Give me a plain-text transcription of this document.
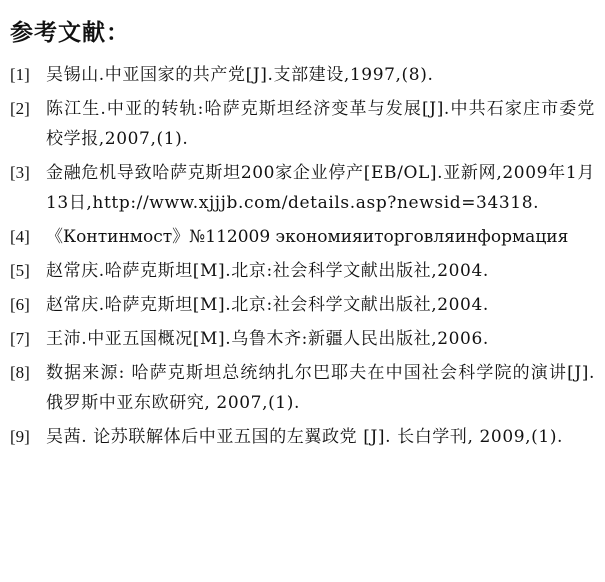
参考文献：
[1] 吴锡山.中亚国家的共产党[J].支部建设,1997,(8).
[2] 陈江生.中亚的转轨:哈萨克斯坦经济变革与发展[J].中共石家庄市委党校学报,2007,(1).
[3] 金融危机导致哈萨克斯坦200家企业停产[EB/OL].亚新网,2009年1月13日,http://www.xjjjb.com/details.asp?newsid=34318.
[4] 《Континмост》№112009 экономияиторговляинформация
[5] 赵常庆.哈萨克斯坦[M].北京:社会科学文献出版社,2004.
[6] 赵常庆.哈萨克斯坦[M].北京:社会科学文献出版社,2004.
[7] 王沛.中亚五国概况[M].乌鲁木齐:新疆人民出版社,2006.
[8] 数据来源: 哈萨克斯坦总统纳扎尔巴耶夫在中国社会科学院的演讲[J].俄罗斯中亚东欧研究, 2007,(1).
[9] 吴茜. 论苏联解体后中亚五国的左翼政党 [J]. 长白学刊, 2009,(1).
